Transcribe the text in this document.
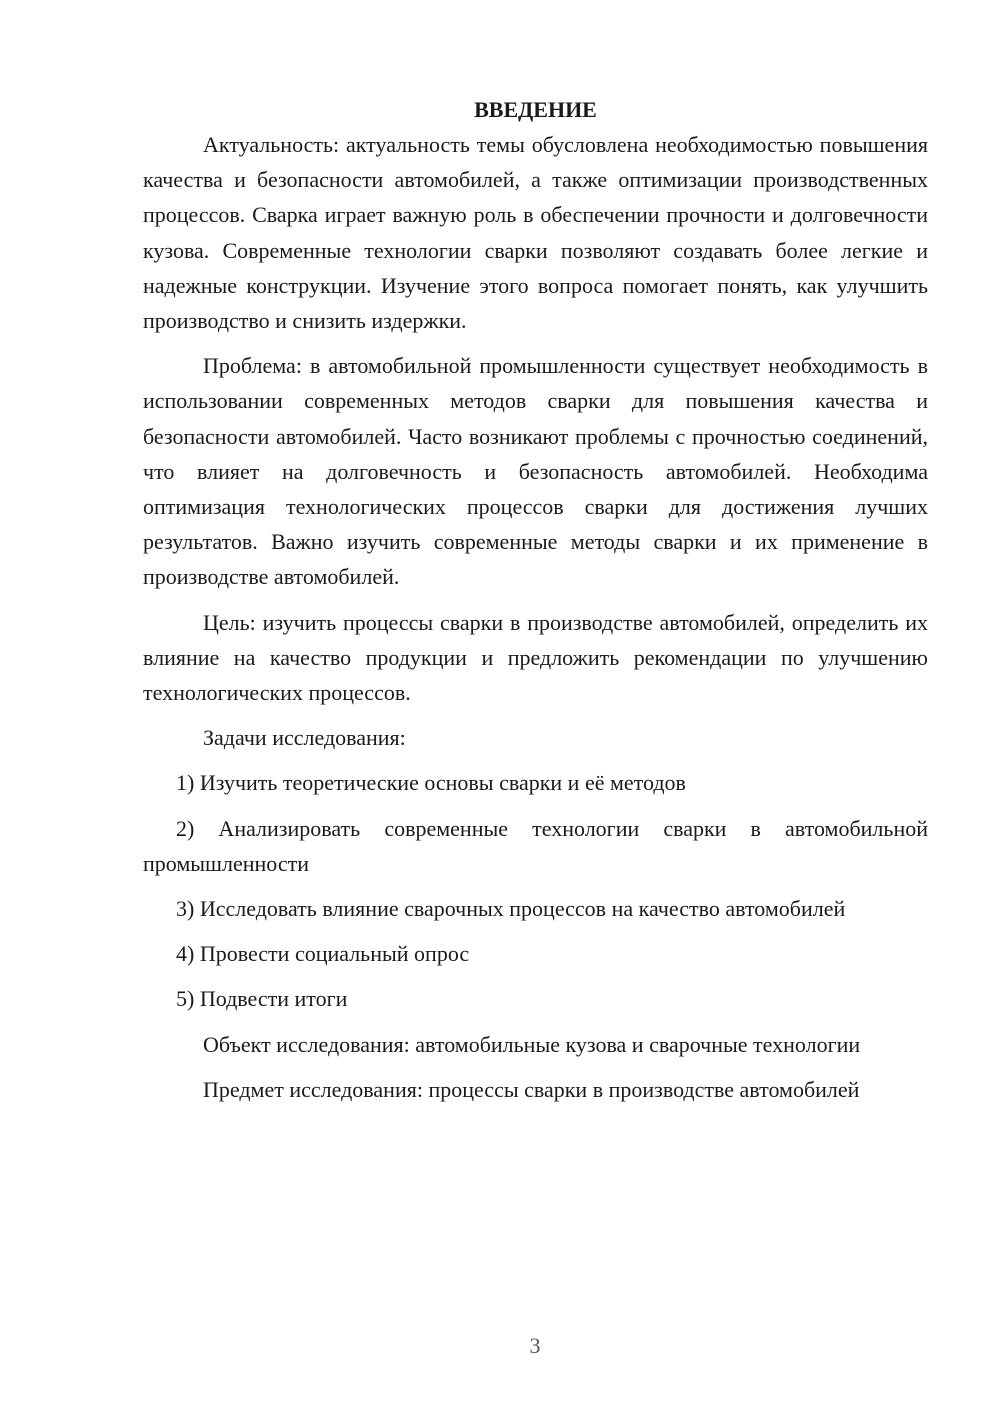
ВВЕДЕНИЕ

Актуальность: актуальность темы обусловлена необходимостью повышения качества и безопасности автомобилей, а также оптимизации производственных процессов. Сварка играет важную роль в обеспечении прочности и долговечности кузова. Современные технологии сварки позволяют создавать более легкие и надежные конструкции. Изучение этого вопроса помогает понять, как улучшить производство и снизить издержки.

Проблема: в автомобильной промышленности существует необходимость в использовании современных методов сварки для повышения качества и безопасности автомобилей. Часто возникают проблемы с прочностью соединений, что влияет на долговечность и безопасность автомобилей. Необходима оптимизация технологических процессов сварки для достижения лучших результатов. Важно изучить современные методы сварки и их применение в производстве автомобилей.

Цель: изучить процессы сварки в производстве автомобилей, определить их влияние на качество продукции и предложить рекомендации по улучшению технологических процессов.

Задачи исследования:

1) Изучить теоретические основы сварки и её методов

2) Анализировать современные технологии сварки в автомобильной промышленности

3) Исследовать влияние сварочных процессов на качество автомобилей

4) Провести социальный опрос

5) Подвести итоги

Объект исследования: автомобильные кузова и сварочные технологии

Предмет исследования: процессы сварки в производстве автомобилей

3
